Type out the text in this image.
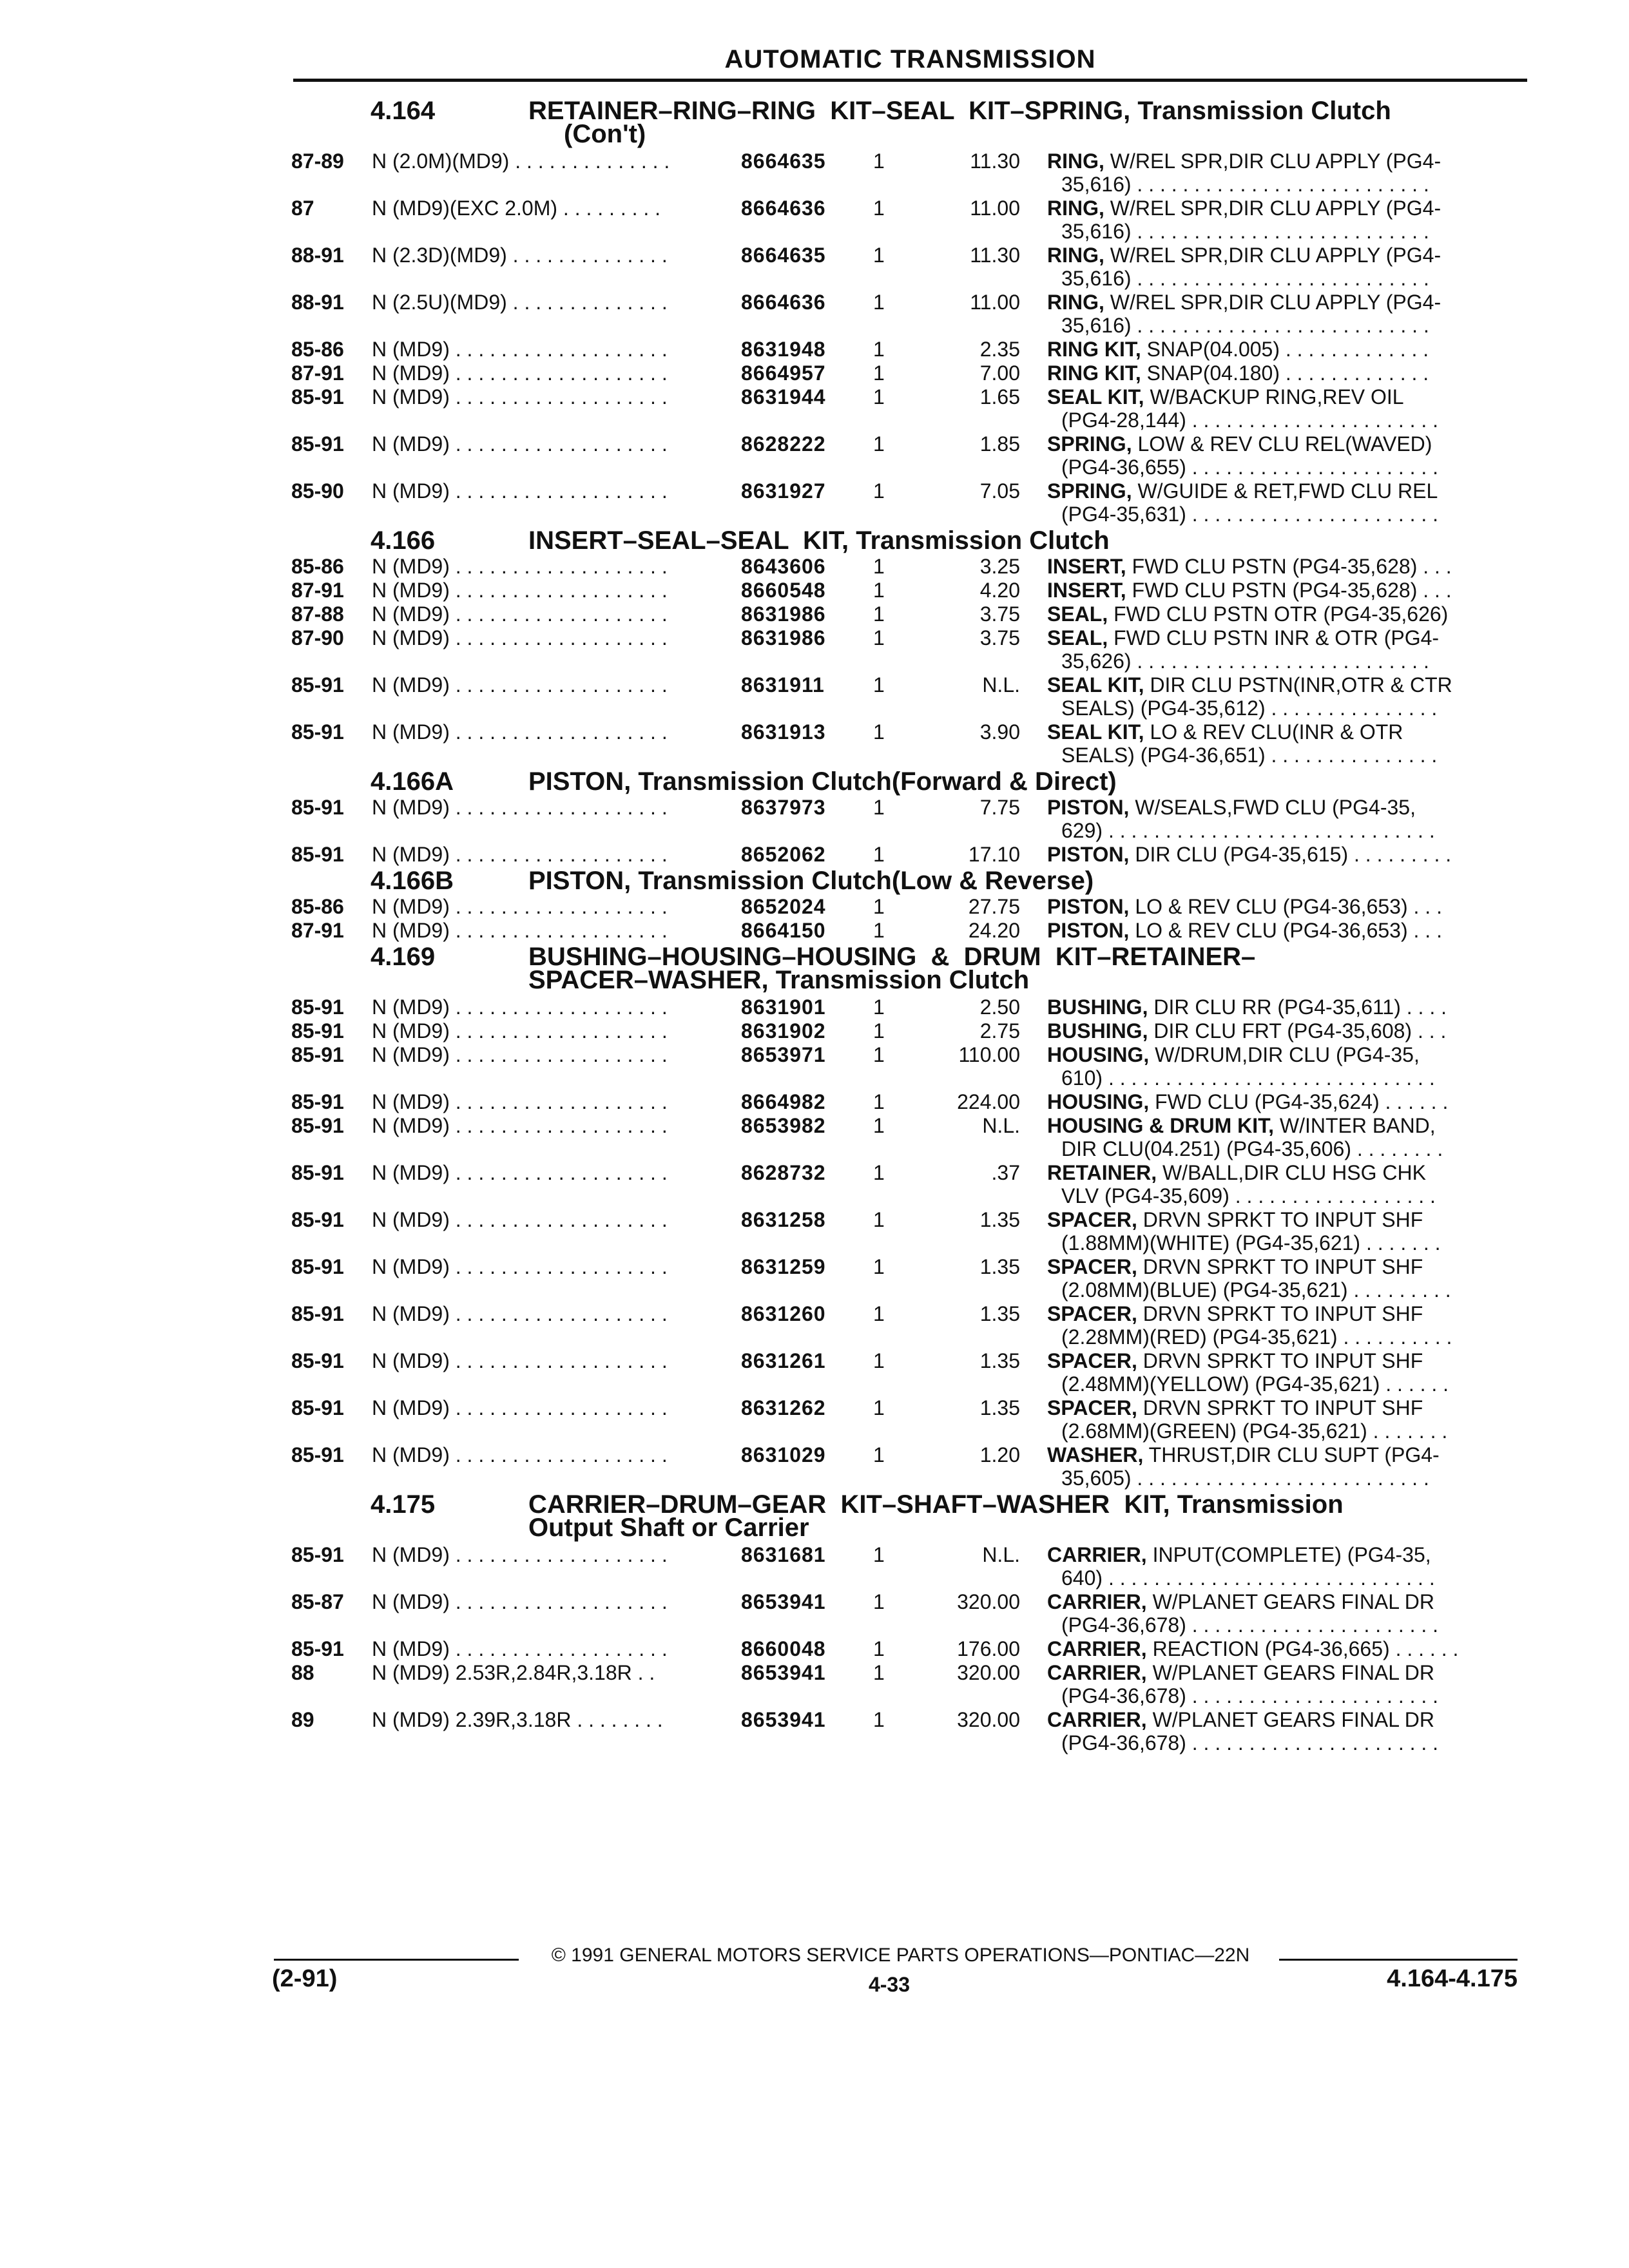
AUTOMATIC TRANSMISSION
4.164	RETAINER–RING–RING  KIT–SEAL  KIT–SPRING, Transmission Clutch
(Con't)
87-89 N (2.0M)(MD9) . . . . . . . . . . . . . .	8664635 1	11.30 RING, W/REL SPR,DIR CLU APPLY (PG4-
35,616) . . . . . . . . . . . . . . . . . . . . . . . . . .
87	N (MD9)(EXC 2.0M) . . . . . . . . .	8664636 1	11.00 RING, W/REL SPR,DIR CLU APPLY (PG4-
35,616) . . . . . . . . . . . . . . . . . . . . . . . . . .
88-91 N (2.3D)(MD9) . . . . . . . . . . . . . .	8664635 1	11.30 RING, W/REL SPR,DIR CLU APPLY (PG4-
35,616) . . . . . . . . . . . . . . . . . . . . . . . . . .
88-91 N (2.5U)(MD9) . . . . . . . . . . . . . .	8664636 1	11.00 RING, W/REL SPR,DIR CLU APPLY (PG4-
35,616) . . . . . . . . . . . . . . . . . . . . . . . . . .
85-86 N (MD9) . . . . . . . . . . . . . . . . . . .	8631948 1	2.35 RING KIT, SNAP(04.005) . . . . . . . . . . . . .
87-91 N (MD9) . . . . . . . . . . . . . . . . . . .	8664957 1	7.00 RING KIT, SNAP(04.180) . . . . . . . . . . . . .
85-91 N (MD9) . . . . . . . . . . . . . . . . . . .	8631944 1	1.65 SEAL KIT, W/BACKUP RING,REV OIL
(PG4-28,144) . . . . . . . . . . . . . . . . . . . . . .
85-91 N (MD9) . . . . . . . . . . . . . . . . . . .	8628222 1	1.85 SPRING, LOW & REV CLU REL(WAVED)
(PG4-36,655) . . . . . . . . . . . . . . . . . . . . . .
85-90 N (MD9) . . . . . . . . . . . . . . . . . . .	8631927 1	7.05 SPRING, W/GUIDE & RET,FWD CLU REL
(PG4-35,631) . . . . . . . . . . . . . . . . . . . . . .
4.166	INSERT–SEAL–SEAL  KIT, Transmission Clutch
85-86 N (MD9) . . . . . . . . . . . . . . . . . . .	8643606 1	3.25 INSERT, FWD CLU PSTN (PG4-35,628) . . .
87-91 N (MD9) . . . . . . . . . . . . . . . . . . .	8660548 1	4.20 INSERT, FWD CLU PSTN (PG4-35,628) . . .
87-88 N (MD9) . . . . . . . . . . . . . . . . . . .	8631986 1	3.75 SEAL, FWD CLU PSTN OTR (PG4-35,626)
87-90 N (MD9) . . . . . . . . . . . . . . . . . . .	8631986 1	3.75 SEAL, FWD CLU PSTN INR & OTR (PG4-
35,626) . . . . . . . . . . . . . . . . . . . . . . . . . .
85-91 N (MD9) . . . . . . . . . . . . . . . . . . .	8631911 1	N.L. SEAL KIT, DIR CLU PSTN(INR,OTR & CTR
SEALS) (PG4-35,612) . . . . . . . . . . . . . . .
85-91 N (MD9) . . . . . . . . . . . . . . . . . . .	8631913 1	3.90 SEAL KIT, LO & REV CLU(INR & OTR
SEALS) (PG4-36,651) . . . . . . . . . . . . . . .
4.166A	PISTON, Transmission Clutch(Forward & Direct)
85-91 N (MD9) . . . . . . . . . . . . . . . . . . .	8637973 1	7.75 PISTON, W/SEALS,FWD CLU (PG4-35,
629) . . . . . . . . . . . . . . . . . . . . . . . . . . . . .
85-91 N (MD9) . . . . . . . . . . . . . . . . . . .	8652062 1	17.10 PISTON, DIR CLU (PG4-35,615) . . . . . . . . .
4.166B	PISTON, Transmission Clutch(Low & Reverse)
85-86 N (MD9) . . . . . . . . . . . . . . . . . . .	8652024 1	27.75 PISTON, LO & REV CLU (PG4-36,653) . . .
87-91 N (MD9) . . . . . . . . . . . . . . . . . . .	8664150 1	24.20 PISTON, LO & REV CLU (PG4-36,653) . . .
4.169	BUSHING–HOUSING–HOUSING  &  DRUM  KIT–RETAINER–
SPACER–WASHER, Transmission Clutch
85-91 N (MD9) . . . . . . . . . . . . . . . . . . .	8631901 1	2.50 BUSHING, DIR CLU RR (PG4-35,611) . . . .
85-91 N (MD9) . . . . . . . . . . . . . . . . . . .	8631902 1	2.75 BUSHING, DIR CLU FRT (PG4-35,608) . . .
85-91 N (MD9) . . . . . . . . . . . . . . . . . . .	8653971 1	110.00 HOUSING, W/DRUM,DIR CLU (PG4-35,
610) . . . . . . . . . . . . . . . . . . . . . . . . . . . . .
85-91 N (MD9) . . . . . . . . . . . . . . . . . . .	8664982 1	224.00 HOUSING, FWD CLU (PG4-35,624) . . . . . .
85-91 N (MD9) . . . . . . . . . . . . . . . . . . .	8653982 1	N.L. HOUSING & DRUM KIT, W/INTER BAND,
DIR CLU(04.251) (PG4-35,606) . . . . . . . .
85-91 N (MD9) . . . . . . . . . . . . . . . . . . .	8628732 1	.37 RETAINER, W/BALL,DIR CLU HSG CHK
VLV (PG4-35,609) . . . . . . . . . . . . . . . . . .
85-91 N (MD9) . . . . . . . . . . . . . . . . . . .	8631258 1	1.35 SPACER, DRVN SPRKT TO INPUT SHF
(1.88MM)(WHITE) (PG4-35,621) . . . . . . .
85-91 N (MD9) . . . . . . . . . . . . . . . . . . .	8631259 1	1.35 SPACER, DRVN SPRKT TO INPUT SHF
(2.08MM)(BLUE) (PG4-35,621) . . . . . . . . .
85-91 N (MD9) . . . . . . . . . . . . . . . . . . .	8631260 1	1.35 SPACER, DRVN SPRKT TO INPUT SHF
(2.28MM)(RED) (PG4-35,621) . . . . . . . . . .
85-91 N (MD9) . . . . . . . . . . . . . . . . . . .	8631261 1	1.35 SPACER, DRVN SPRKT TO INPUT SHF
(2.48MM)(YELLOW) (PG4-35,621) . . . . . .
85-91 N (MD9) . . . . . . . . . . . . . . . . . . .	8631262 1	1.35 SPACER, DRVN SPRKT TO INPUT SHF
(2.68MM)(GREEN) (PG4-35,621) . . . . . . .
85-91 N (MD9) . . . . . . . . . . . . . . . . . . .	8631029 1	1.20 WASHER, THRUST,DIR CLU SUPT (PG4-
35,605) . . . . . . . . . . . . . . . . . . . . . . . . . .
4.175	CARRIER–DRUM–GEAR  KIT–SHAFT–WASHER  KIT, Transmission
Output Shaft or Carrier
85-91 N (MD9) . . . . . . . . . . . . . . . . . . .	8631681 1	N.L. CARRIER, INPUT(COMPLETE) (PG4-35,
640) . . . . . . . . . . . . . . . . . . . . . . . . . . . . .
85-87 N (MD9) . . . . . . . . . . . . . . . . . . .	8653941 1	320.00 CARRIER, W/PLANET GEARS FINAL DR
(PG4-36,678) . . . . . . . . . . . . . . . . . . . . . .
85-91 N (MD9) . . . . . . . . . . . . . . . . . . .	8660048 1	176.00 CARRIER, REACTION (PG4-36,665) . . . . . .
88	N (MD9) 2.53R,2.84R,3.18R . .	8653941 1	320.00 CARRIER, W/PLANET GEARS FINAL DR
(PG4-36,678) . . . . . . . . . . . . . . . . . . . . . .
89	N (MD9) 2.39R,3.18R . . . . . . . .	8653941 1	320.00 CARRIER, W/PLANET GEARS FINAL DR
(PG4-36,678) . . . . . . . . . . . . . . . . . . . . . .
© 1991 GENERAL MOTORS SERVICE PARTS OPERATIONS—PONTIAC—22N
4-33
(2-91)	4.164-4.175
